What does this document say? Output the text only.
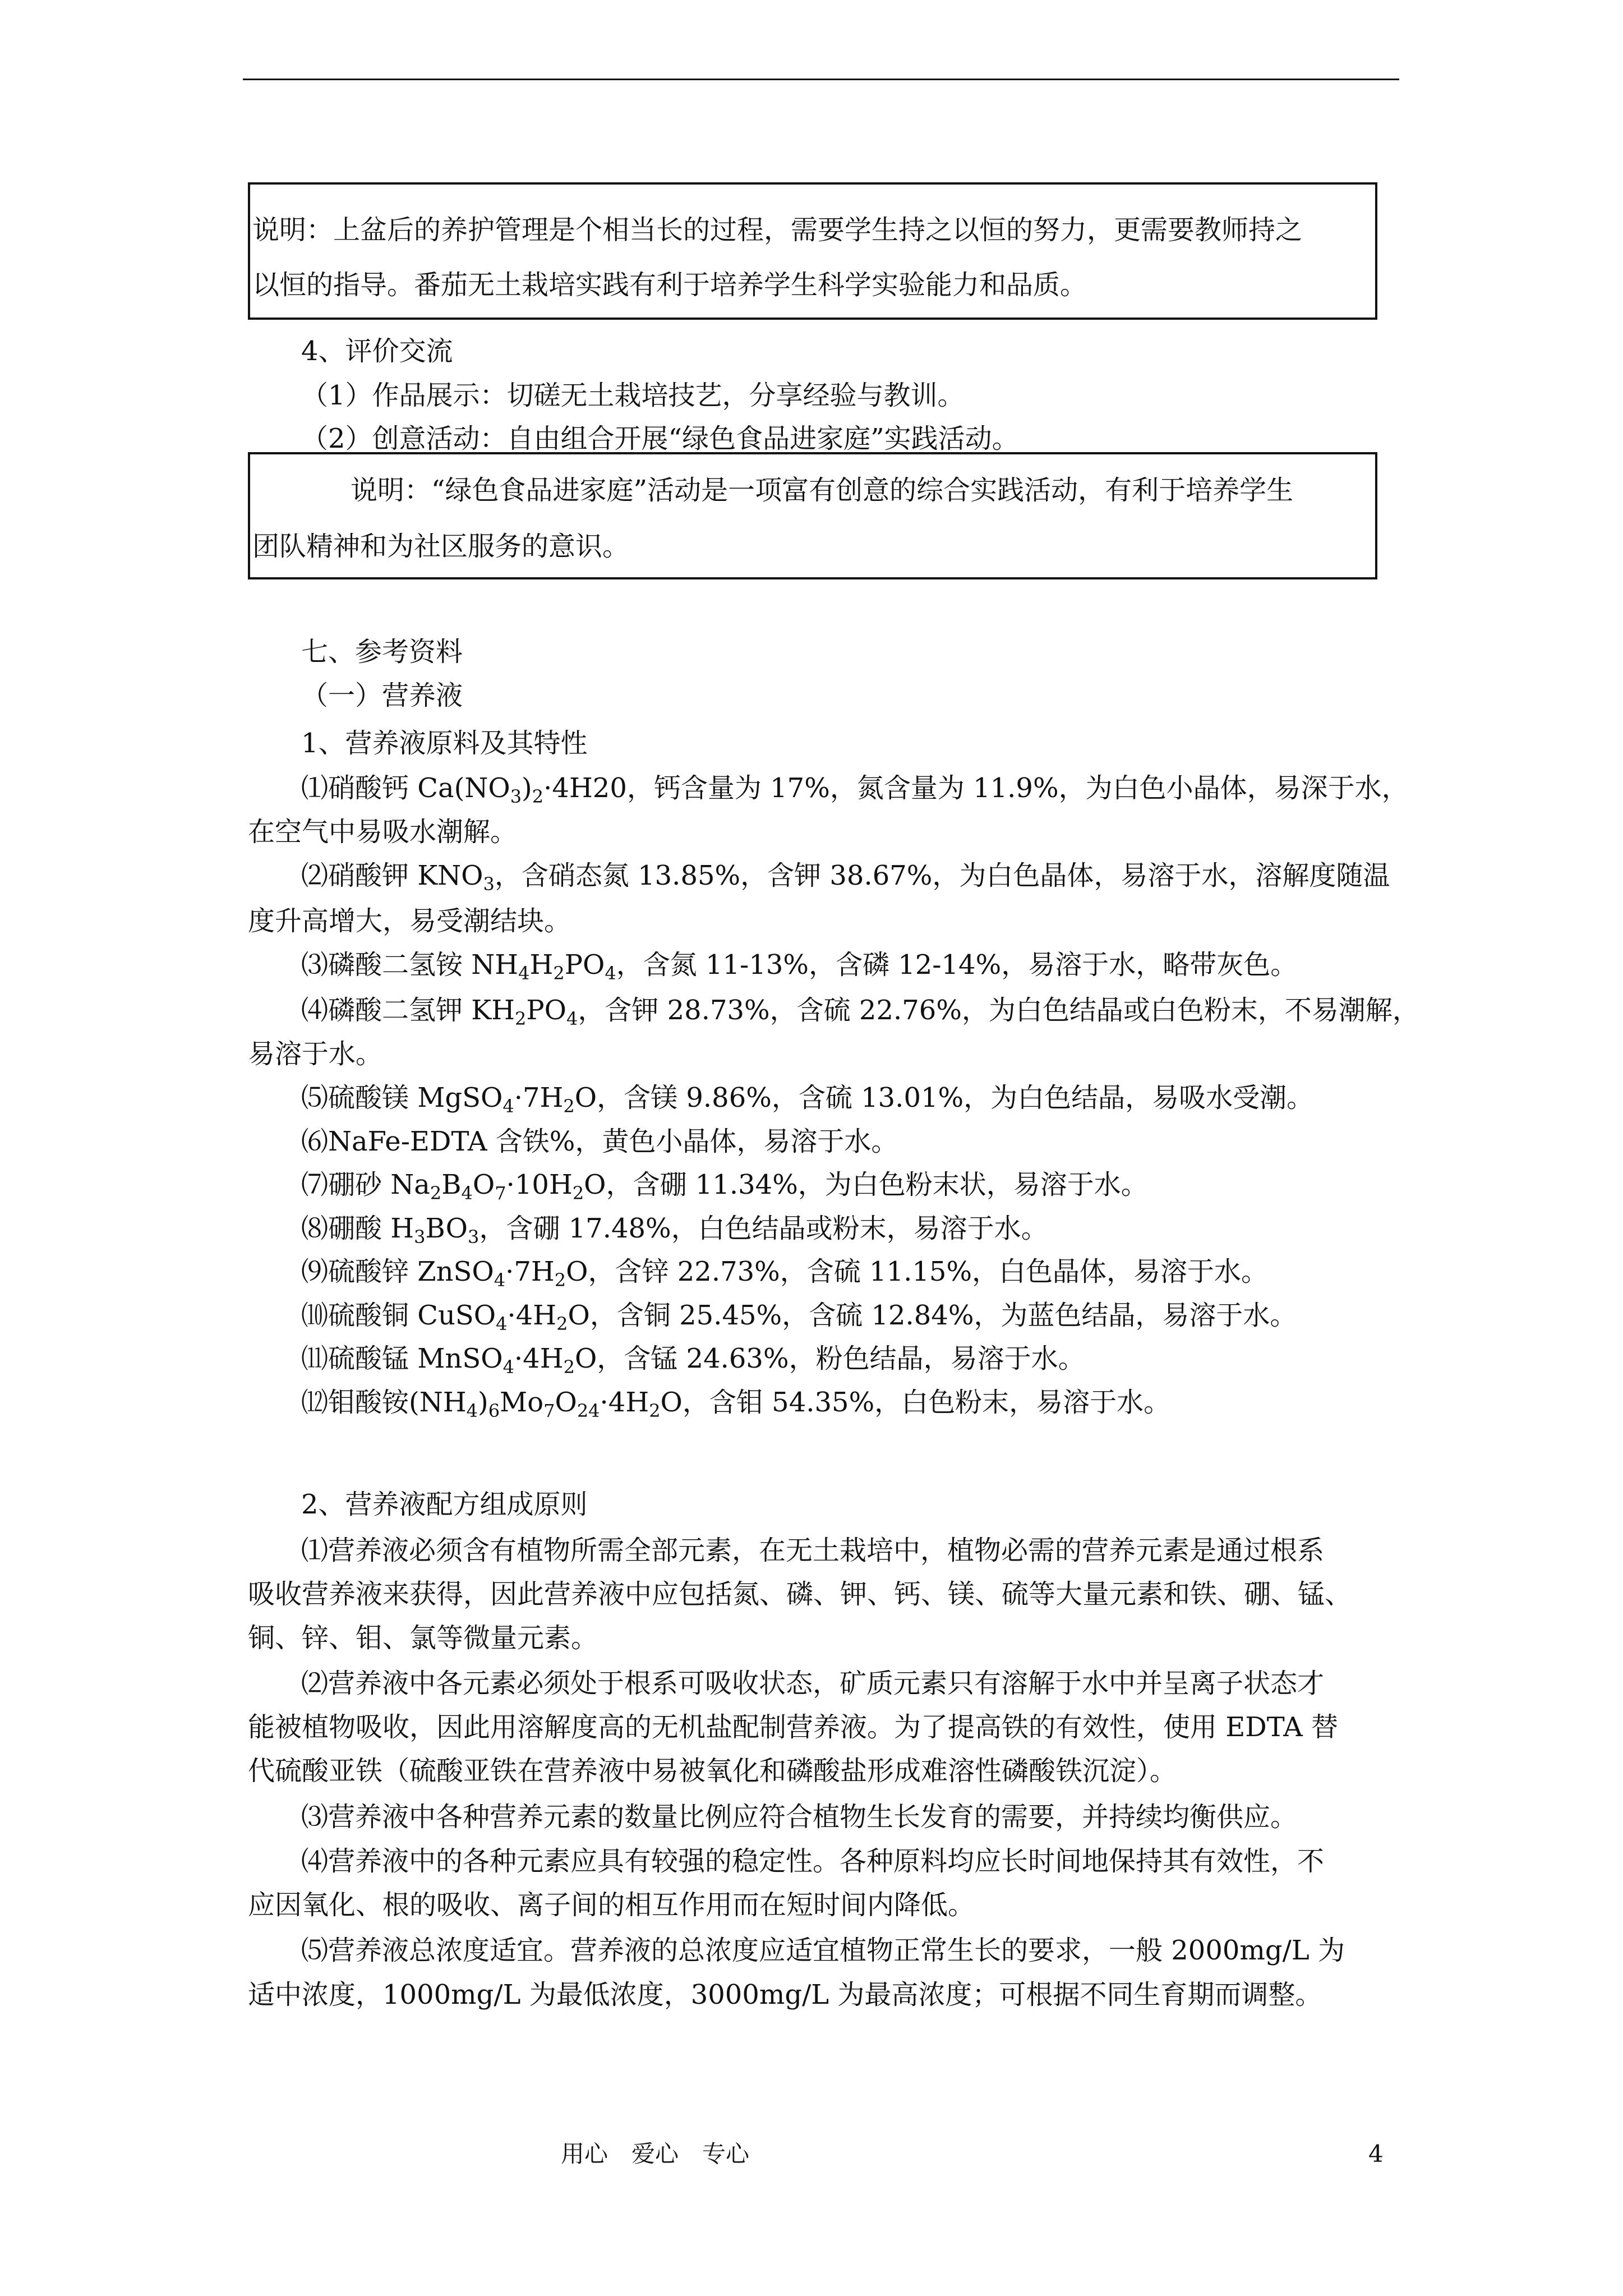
说明：上盆后的养护管理是个相当长的过程，需要学生持之以恒的努力，更需要教师持之
以恒的指导。番茄无土栽培实践有利于培养学生科学实验能力和品质。
4、评价交流
（1）作品展示：切磋无土栽培技艺，分享经验与教训。
（2）创意活动：自由组合开展“绿色食品进家庭”实践活动。
说明：“绿色食品进家庭”活动是一项富有创意的综合实践活动，有利于培养学生
团队精神和为社区服务的意识。
七、参考资料
（一）营养液
1、营养液原料及其特性
⑴硝酸钙 $Ca(NO_3)_2\cdot 4H20$，钙含量为 17%，氮含量为 11.9%，为白色小晶体，易深于水，
在空气中易吸水潮解。
⑵硝酸钾 $KNO_3$，含硝态氮 13.85%，含钾 38.67%，为白色晶体，易溶于水，溶解度随温
度升高增大，易受潮结块。
⑶磷酸二氢铵 $NH_4H_2PO_4$，含氮 11-13%，含磷 12-14%，易溶于水，略带灰色。
⑷磷酸二氢钾 $KH_2PO_4$，含钾 28.73%，含硫 22.76%，为白色结晶或白色粉末，不易潮解，
易溶于水。
⑸硫酸镁 $MgSO_4\cdot 7H_2O$，含镁 9.86%，含硫 13.01%，为白色结晶，易吸水受潮。
⑹NaFe-EDTA 含铁%，黄色小晶体，易溶于水。
⑺硼砂 $Na_2B_4O_7\cdot 10H_2O$，含硼 11.34%，为白色粉末状，易溶于水。
⑻硼酸 $H_3BO_3$，含硼 17.48%，白色结晶或粉末，易溶于水。
⑼硫酸锌 $ZnSO_4\cdot 7H_2O$，含锌 22.73%，含硫 11.15%，白色晶体，易溶于水。
⑽硫酸铜 $CuSO_4\cdot 4H_2O$，含铜 25.45%，含硫 12.84%，为蓝色结晶，易溶于水。
⑾硫酸锰 $MnSO_4\cdot 4H_2O$，含锰 24.63%，粉色结晶，易溶于水。
⑿钼酸铵$(NH_4)_6Mo_7O_{24}\cdot 4H_2O$，含钼 54.35%，白色粉末，易溶于水。
2、营养液配方组成原则
⑴营养液必须含有植物所需全部元素，在无土栽培中，植物必需的营养元素是通过根系
吸收营养液来获得，因此营养液中应包括氮、磷、钾、钙、镁、硫等大量元素和铁、硼、锰、
铜、锌、钼、氯等微量元素。
⑵营养液中各元素必须处于根系可吸收状态，矿质元素只有溶解于水中并呈离子状态才
能被植物吸收，因此用溶解度高的无机盐配制营养液。为了提高铁的有效性，使用 EDTA 替
代硫酸亚铁（硫酸亚铁在营养液中易被氧化和磷酸盐形成难溶性磷酸铁沉淀）。
⑶营养液中各种营养元素的数量比例应符合植物生长发育的需要，并持续均衡供应。
⑷营养液中的各种元素应具有较强的稳定性。各种原料均应长时间地保持其有效性，不
应因氧化、根的吸收、离子间的相互作用而在短时间内降低。
⑸营养液总浓度适宜。营养液的总浓度应适宜植物正常生长的要求，一般 2000mg/L 为
适中浓度，1000mg/L 为最低浓度，3000mg/L 为最高浓度；可根据不同生育期而调整。
用心　爱心　专心	4
